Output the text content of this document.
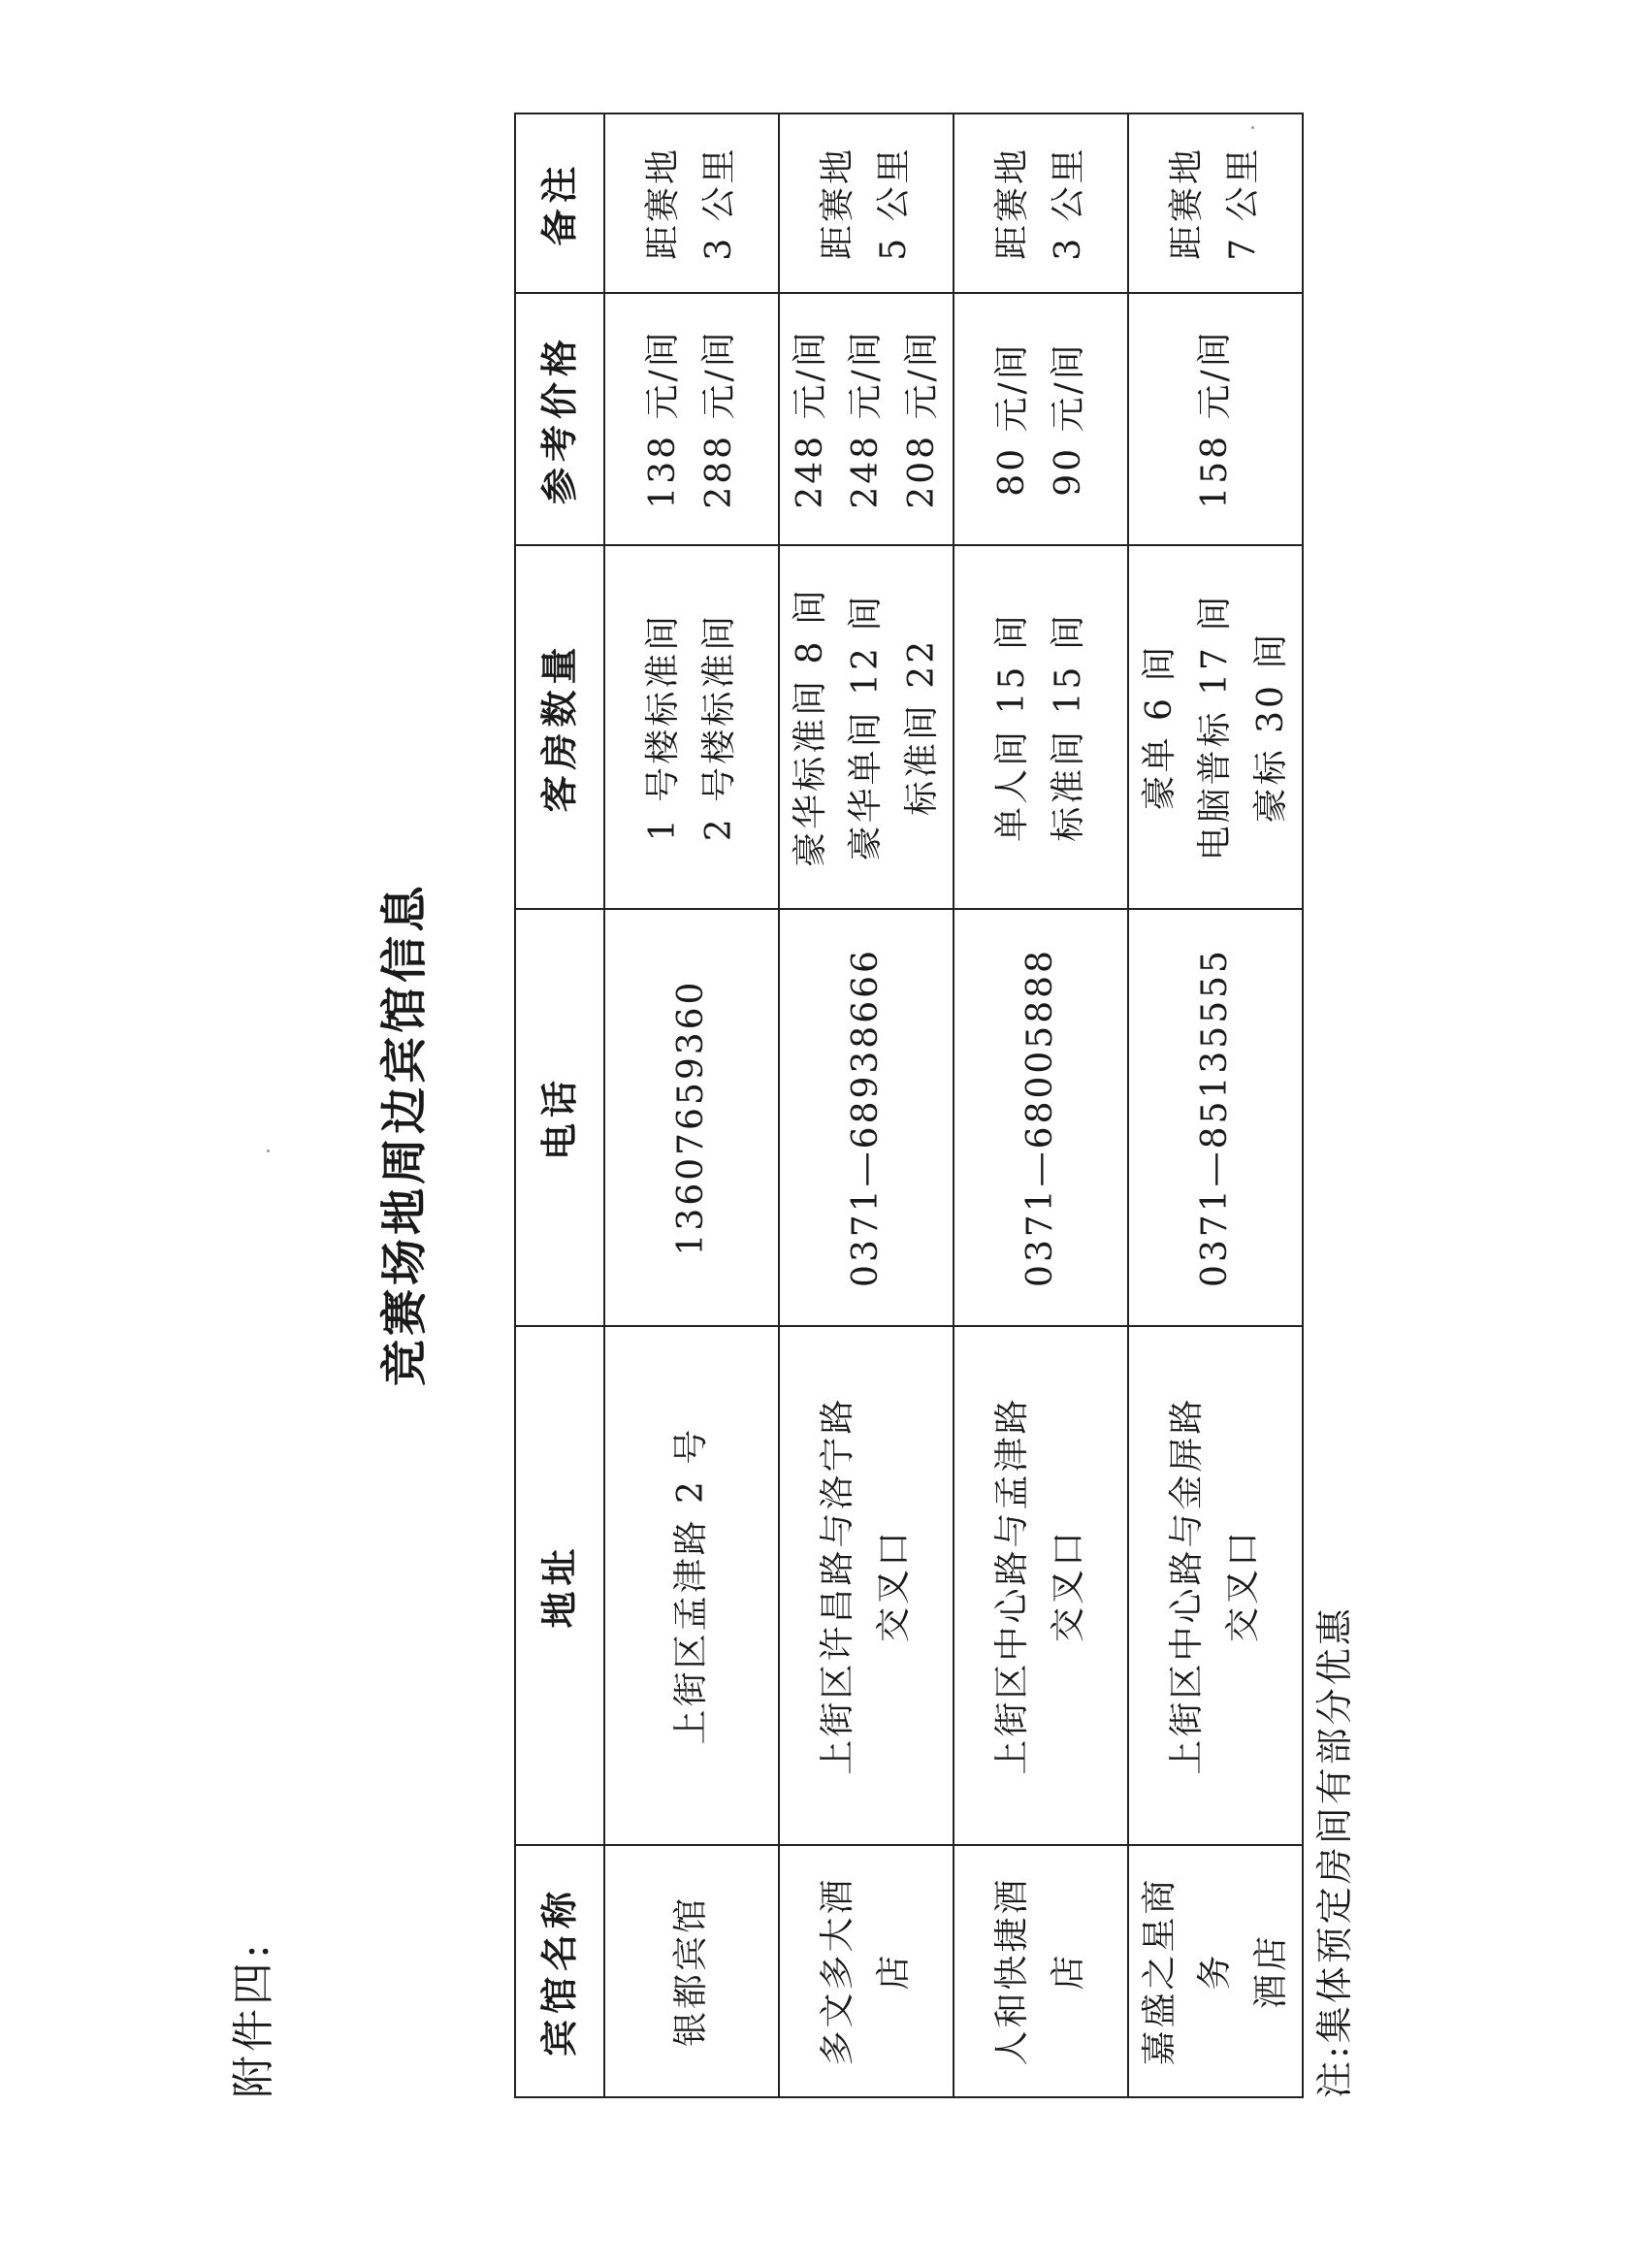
附件四:
竞赛场地周边宾馆信息
宾馆名称	地址	电话	客房数量	参考价格	备注

银都宾馆	上街区孟津路 2 号	13607659360	1 号楼标准间 2 号楼标准间	138 元/间 288 元/间	距赛地 3 公里

多文多大酒店	上街区许昌路与洛宁路 交叉口	0371—68938666	豪华标准间 8 间 豪华单间 12 间 标准间 22	248 元/间 248 元/间 208 元/间	距赛地 5 公里

人和快捷酒店	上街区中心路与孟津路 交叉口	0371—68005888	单人间 15 间 标准间 15 间	80 元/间 90 元/间	距赛地 3 公里

嘉盛之星商务 酒店	上街区中心路与金屏路 交叉口	0371—85135555	豪单 6 间 电脑普标 17 间 豪标 30 间	158 元/间	距赛地 7 公里
注:集体预定房间有部分优惠
